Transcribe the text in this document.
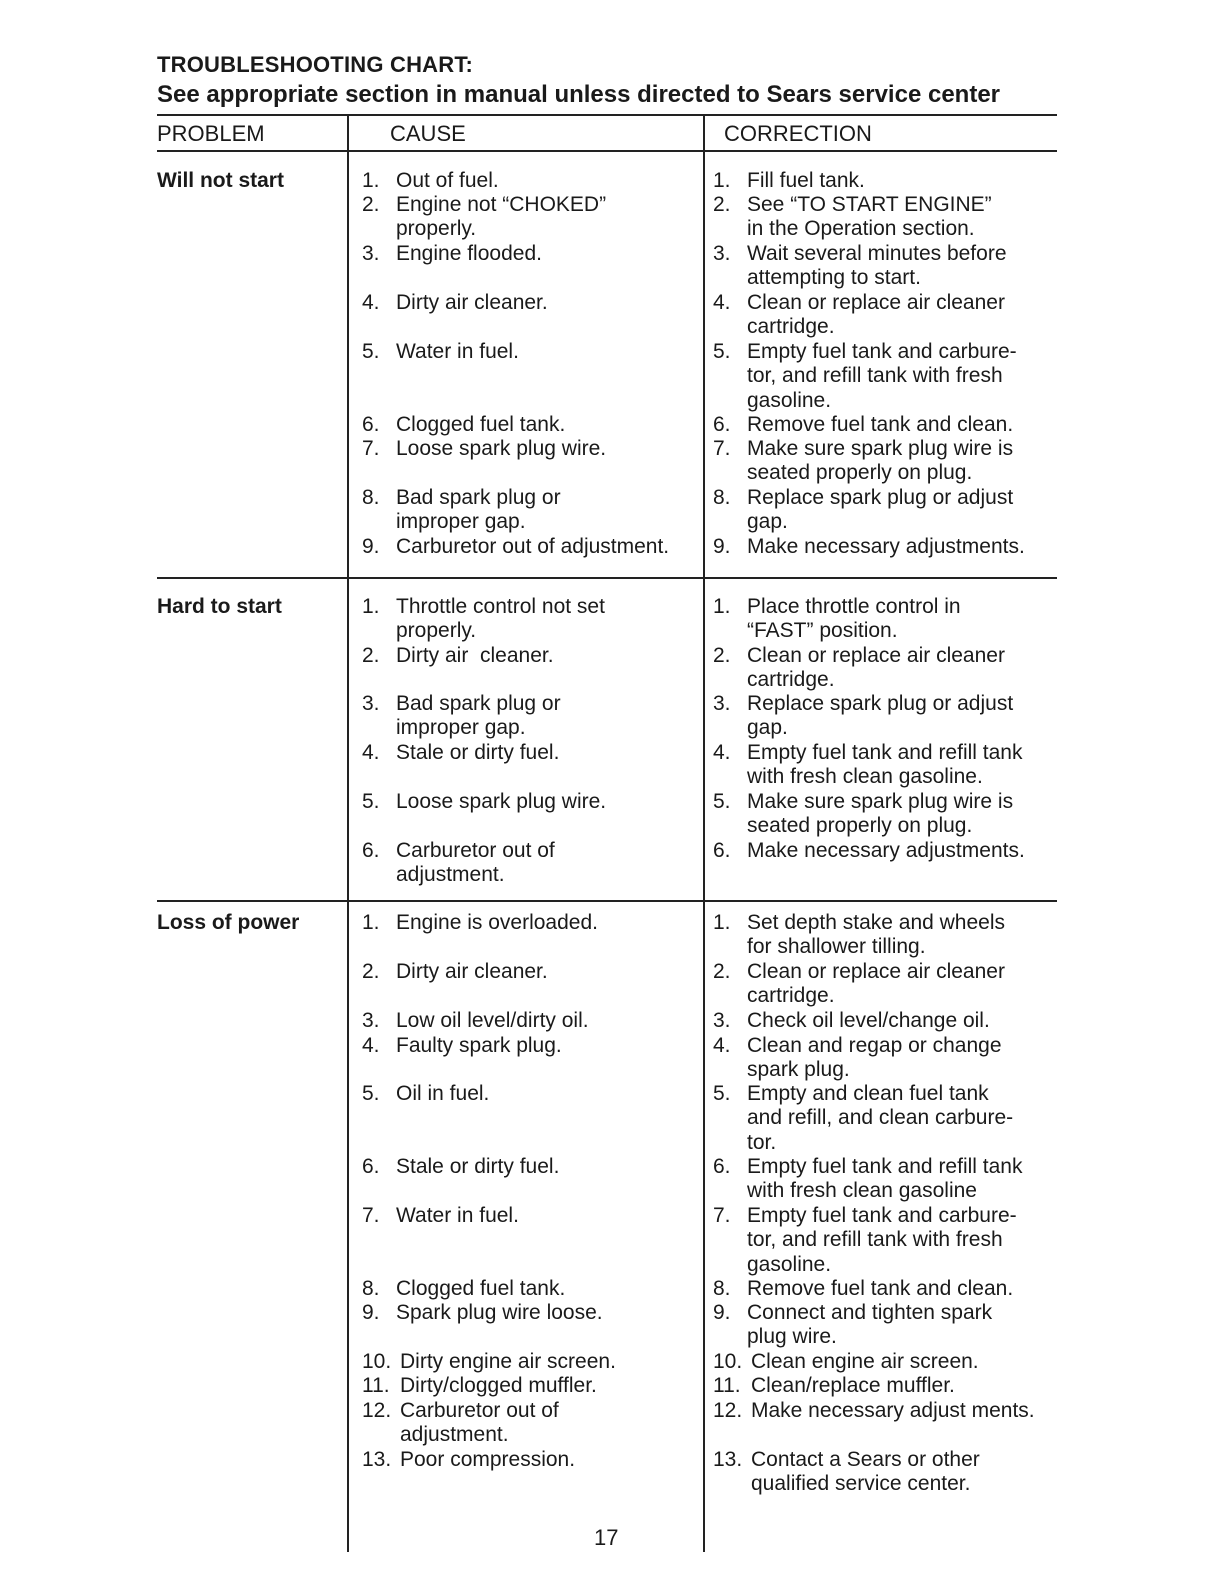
TROUBLESHOOTING CHART:
See appropriate section in manual unless directed to Sears service center
PROBLEM	CAUSE	CORRECTION
Will not start
Hard to start
Loss of power
1. Out of fuel.
2. Engine not “CHOKED”
properly.
3. Engine flooded.
4. Dirty air cleaner.
5. Water in fuel.
6. Clogged fuel tank.
7. Loose spark plug wire.
8. Bad spark plug or
improper gap.
9. Carburetor out of adjustment.
1. Fill fuel tank.
2. See “TO START ENGINE”
in the Operation section.
3. Wait several minutes before
attempting to start.
4. Clean or replace air cleaner
cartridge.
5. Empty fuel tank and carbure-
tor, and refill tank with fresh
gasoline.
6. Remove fuel tank and clean.
7. Make sure spark plug wire is
seated properly on plug.
8. Replace spark plug or adjust
gap.
9. Make necessary adjustments.
1. Throttle control not set
properly.
2. Dirty air  cleaner.
3. Bad spark plug or
improper gap.
4. Stale or dirty fuel.
5. Loose spark plug wire.
6. Carburetor out of
adjustment.
1. Place throttle control in
“FAST” position.
2. Clean or replace air cleaner
cartridge.
3. Replace spark plug or adjust
gap.
4. Empty fuel tank and refill tank
with fresh clean gasoline.
5. Make sure spark plug wire is
seated properly on plug.
6. Make necessary adjustments.
1. Engine is overloaded.
2. Dirty air cleaner.
3. Low oil level/dirty oil.
4. Faulty spark plug.
5. Oil in fuel.
6. Stale or dirty fuel.
7. Water in fuel.
8. Clogged fuel tank.
9. Spark plug wire loose.
10. Dirty engine air screen.
11. Dirty/clogged muffler.
12. Carburetor out of
adjustment.
13. Poor compression.
1. Set depth stake and wheels
for shallower tilling.
2. Clean or replace air cleaner
cartridge.
3. Check oil level/change oil.
4. Clean and regap or change
spark plug.
5. Empty and clean fuel tank
and refill, and clean carbure-
tor.
6. Empty fuel tank and refill tank
with fresh clean gasoline
7. Empty fuel tank and carbure-
tor, and refill tank with fresh
gasoline.
8. Remove fuel tank and clean.
9. Connect and tighten spark
plug wire.
10. Clean engine air screen.
11. Clean/replace muffler.
12. Make necessary adjust ments.
13. Contact a Sears or other
qualified service center.
17
